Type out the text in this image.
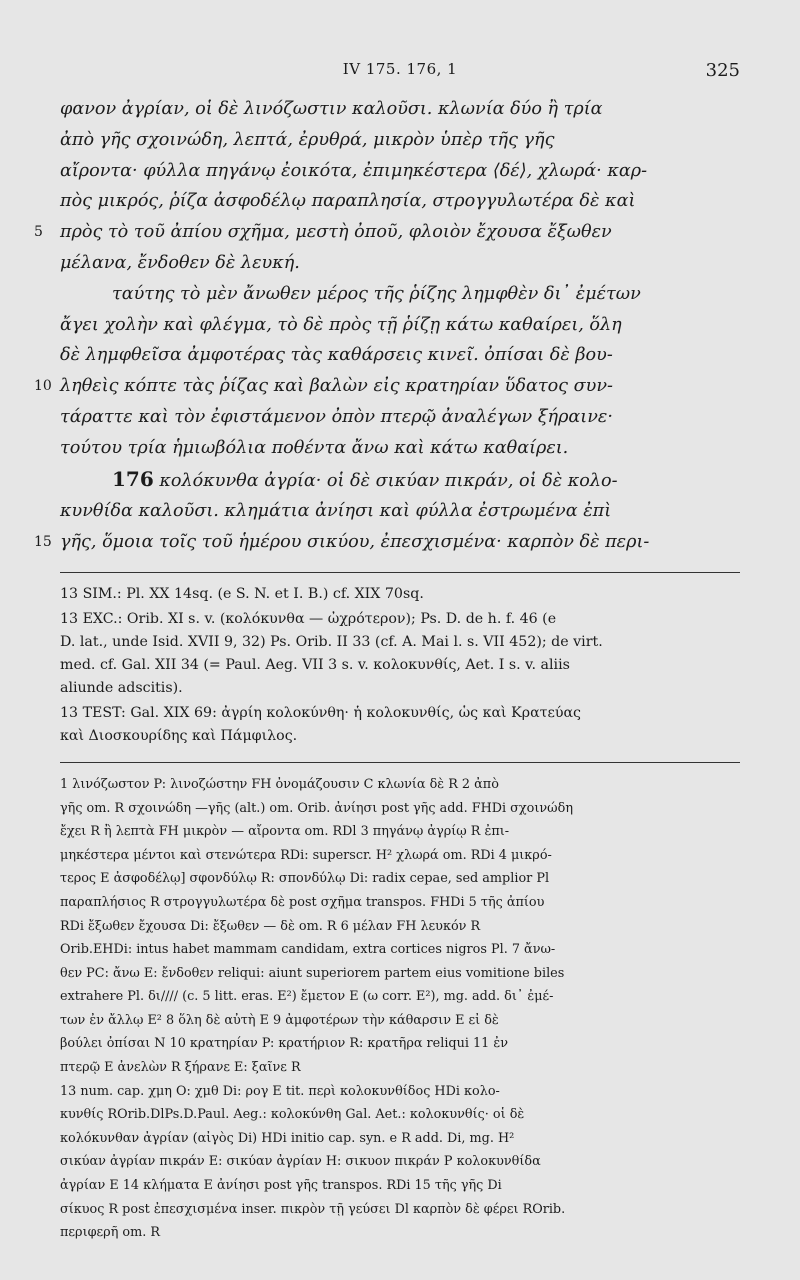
IV 175. 176, 1	325
φανον ἀγρίαν, οἱ δὲ λινόζωστιν καλοῦσι. κλωνία δύο ἢ τρία
ἀπὸ γῆς σχοινώδη, λεπτά, ἐρυθρά, μικρὸν ὑπὲρ τῆς γῆς
αἴροντα· φύλλα πηγάνῳ ἐοικότα, ἐπιμηκέστερα ⟨δέ⟩, χλωρά· καρ-
πὸς μικρός, ῥίζα ἀσφοδέλῳ παραπλησία, στρογγυλωτέρα δὲ καὶ
5 πρὸς τὸ τοῦ ἀπίου σχῆμα, μεστὴ ὀποῦ, φλοιὸν ἔχουσα ἔξωθεν
μέλανα, ἔνδοθεν δὲ λευκή.
ταύτης τὸ μὲν ἄνωθεν μέρος τῆς ῥίζης λημφθὲν δι᾽ ἐμέτων
ἄγει χολὴν καὶ φλέγμα, τὸ δὲ πρὸς τῇ ῥίζῃ κάτω καθαίρει, ὅλη
δὲ λημφθεῖσα ἀμφοτέρας τὰς καθάρσεις κινεῖ. ὀπίσαι δὲ βου-
10 ληθεὶς κόπτε τὰς ῥίζας καὶ βαλὼν εἰς κρατηρίαν ὕδατος συν-
τάραττε καὶ τὸν ἐφιστάμενον ὀπὸν πτερῷ ἀναλέγων ξήραινε·
τούτου τρία ἡμιωβόλια ποθέντα ἄνω καὶ κάτω καθαίρει.
176 κολόκυνθα ἀγρία· οἱ δὲ σικύαν πικράν, οἱ δὲ κολο-
κυνθίδα καλοῦσι. κλημάτια ἀνίησι καὶ φύλλα ἐστρωμένα ἐπὶ
15 γῆς, ὅμοια τοῖς τοῦ ἡμέρου σικύου, ἐπεσχισμένα· καρπὸν δὲ περι-
13 SIM.: Pl. XX 14sq. (e S. N. et I. B.) cf. XIX 70sq.
13 EXC.: Orib. XI s. v. (κολόκυνθα — ὠχρότερον); Ps. D. de h. f. 46 (e
D. lat., unde Isid. XVII 9, 32) Ps. Orib. II 33 (cf. A. Mai l. s. VII 452); de virt.
med. cf. Gal. XII 34 (= Paul. Aeg. VII 3 s. v. κολοκυνθίς, Aet. I s. v. aliis
aliunde adscitis).
13 TEST: Gal. XIX 69: ἀγρίη κολοκύνθη· ἡ κολοκυνθίς, ὡς καὶ Κρατεύας
καὶ Διοσκουρίδης καὶ Πάμφιλος.
1 λινόζωστον P: λινοζώστην FH ὀνομάζουσιν C κλωνία δὲ R 2 ἀπὸ
γῆς om. R σχοινώδη —γῆς (alt.) om. Orib. ἀνίησι post γῆς add. FHDi σχοινώδη
ἔχει R ἢ λεπτὰ FH μικρὸν — αἴροντα om. RDl 3 πηγάνῳ ἀγρίῳ R ἐπι-
μηκέστερα μέντοι καὶ στενώτερα RDi: superscr. H² χλωρά om. RDi 4 μικρό-
τερος E ἀσφοδέλῳ] σφονδύλῳ R: σπονδύλῳ Di: radix cepae, sed amplior Pl
παραπλήσιος R στρογγυλωτέρα δὲ post σχῆμα transpos. FHDi 5 τῆς ἀπίου
RDi ἔξωθεν ἔχουσα Di: ἔξωθεν — δὲ om. R 6 μέλαν FH λευκόν R
Orib.EHDi: intus habet mammam candidam, extra cortices nigros Pl. 7 ἄνω-
θεν PC: ἄνω E: ἔνδοθεν reliqui: aiunt superiorem partem eius vomitione biles
extrahere Pl. δι//// (c. 5 litt. eras. E²) ἔμετον E (ω corr. E²), mg. add. δι᾽ ἐμέ-
των ἐν ἄλλῳ E² 8 ὅλη δὲ αὐτὴ E 9 ἀμφοτέρων τὴν κάθαρσιν E εἰ δὲ
βούλει ὀπίσαι N 10 κρατηρίαν P: κρατήριον R: κρατῆρα reliqui 11 ἐν
πτερῷ E ἀνελὼν R ξήρανε E: ξαῖνε R
13 num. cap. χμη O: χμθ Di: ρογ E tit. περὶ κολοκυνθίδος HDi κολο-
κυνθίς ROrib.DlPs.D.Paul. Aeg.: κολοκύνθη Gal. Aet.: κολοκυνθίς· οἱ δὲ
κολόκυνθαν ἀγρίαν (αἰγὸς Di) HDi initio cap. syn. e R add. Di, mg. H²
σικύαν ἀγρίαν πικράν E: σικύαν ἀγρίαν H: σικυον πικράν P κολοκυνθίδα
ἀγρίαν E 14 κλήματα E ἀνίησι post γῆς transpos. RDi 15 τῆς γῆς Di
σίκυος R post ἐπεσχισμένα inser. πικρὸν τῇ γεύσει Dl καρπὸν δὲ φέρει ROrib.
περιφερῆ om. R
